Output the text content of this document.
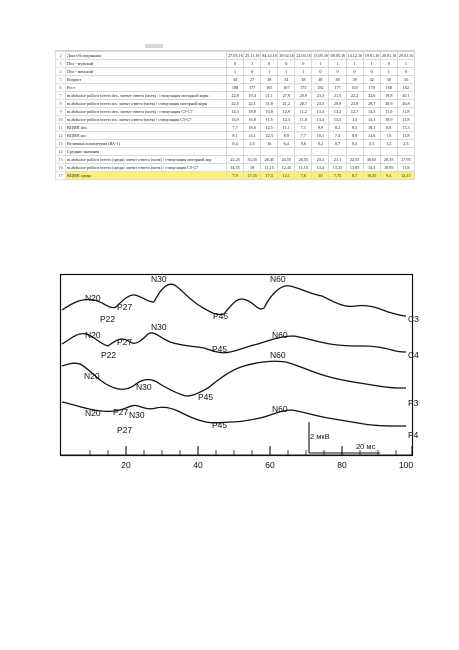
2	Дата обследования	27.05.16	25.11.16	04.12.16	29.02.16	22.04.16	13.05.16	08.03.16	14.12.16	19.01.16	20.01.16	29.01.16
3	Пол - мужской	0	1	0	0	0	1	1	1	1	0	1
4	Пол - женский	1	0	1	1	1	0	0	0	0	1	0
5	Возраст	44	27	38	34	38	48	38	39	42	30	35
6	Рост	188	177	165	167	175	182	177	163	170	168	162
7	m.abductor pollicis brevis dex. латент ответа (мсек) / стимуляция моторной коры	22,8	19,4	21,1	27,9	20,9	23,3	21,5	22,2	32,6	19,8	20,1
8	m.abductor pollicis brevis sin. латент ответа (мсек) / стимуляция моторной коры	22,5	22,1	31,8	21,2	20,7	23,5	20,9	22,8	28,7	20,9	26,8
9	m.abductor pollicis brevis dex. латент ответа (мсек) / стимуляция C5-C7	14,3	18,8	10,8	12,9	11,2	13,4	13,2	12,7	14,5	11,0	11,8
10	m.abductor pollicis brevis sin. латент ответа (мсек) / стимуляция C5-C7	14,9	16,8	11,5	12,3	11,0	13,4	13,5	14	14,1	10,9	11,8
11	ВЦМП dex.	7,7	18,6	12,5	11,1	7,1	9,9	8,2	8,2	18,1	8,8	15,3
12	ВЦМП sin.	8,1	14,1	22,3	8,9	7,7	10,1	7,4	8,8	14,6	10	11,8
13	Величина асимметрии (ВА-1)	0,4	2,5	16	6,4	0,6	0,2	0,7	0,4	3,5	1,2	2,3
14	Средние значения											
15	m.abductor pollicis brevis (средн) латент ответа (мсек) / стимуляция моторной кор	22,25	33,35	28,45	24,55	20,55	23,4	21,1	22,55	30,65	20,35	27,95
16	m.abductor pollicis brevis (средн) латент ответа (мсек) / стимуляция C5-C7	14,55	18	11,15	12,45	11,15	13,4	13,35	13,85	14,3	10,95	11,8
17	ВЦМП средн	7,9	17,35	17,3	12,1	7,6	10	7,75	8,7	16,35	9,4	12,15
20	40	60	80	100
2 мкВ
20 мс
C3
C4
P3
P4
N20
P22
P27
N30
P45
N60
N20
P22
P27
N30
P45
N60
N20
N30
P45
N60
N20 P27 N30
P27	P45
N60
